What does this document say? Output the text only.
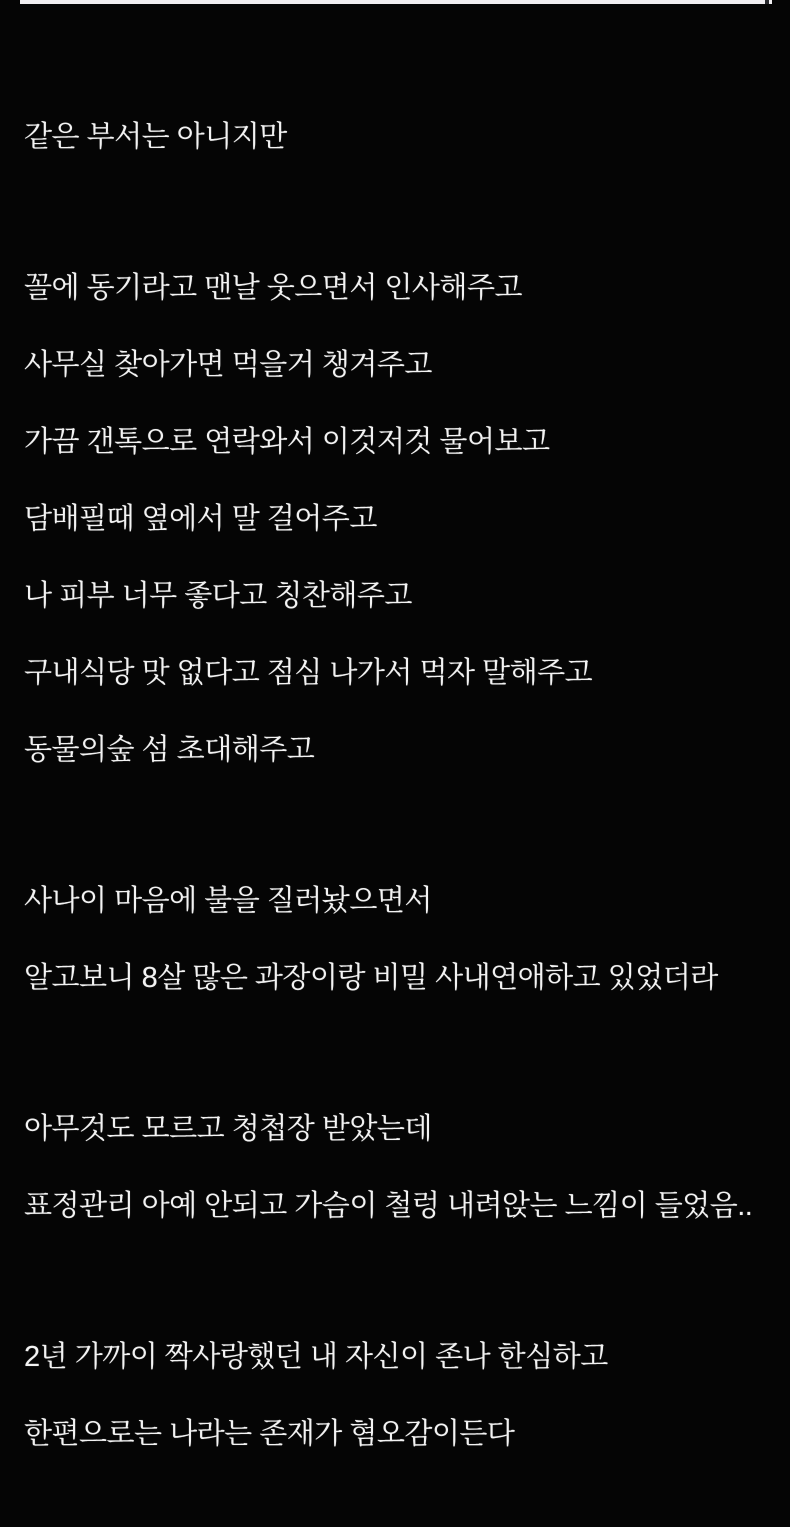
같은 부서는 아니지만

꼴에 동기라고 맨날 웃으면서 인사해주고

사무실 찾아가면 먹을거 챙겨주고

가끔 갠톡으로 연락와서 이것저것 물어보고

담배필때 옆에서 말 걸어주고

나 피부 너무 좋다고 칭찬해주고

구내식당 맛 없다고 점심 나가서 먹자 말해주고

동물의숲 섬 초대해주고

사나이 마음에 불을 질러놨으면서

알고보니 8살 많은 과장이랑 비밀 사내연애하고 있었더라

아무것도 모르고 청첩장 받았는데

표정관리 아예 안되고 가슴이 철렁 내려앉는 느낌이 들었음..

2년 가까이 짝사랑했던 내 자신이 존나 한심하고

한편으로는 나라는 존재가 혐오감이든다
